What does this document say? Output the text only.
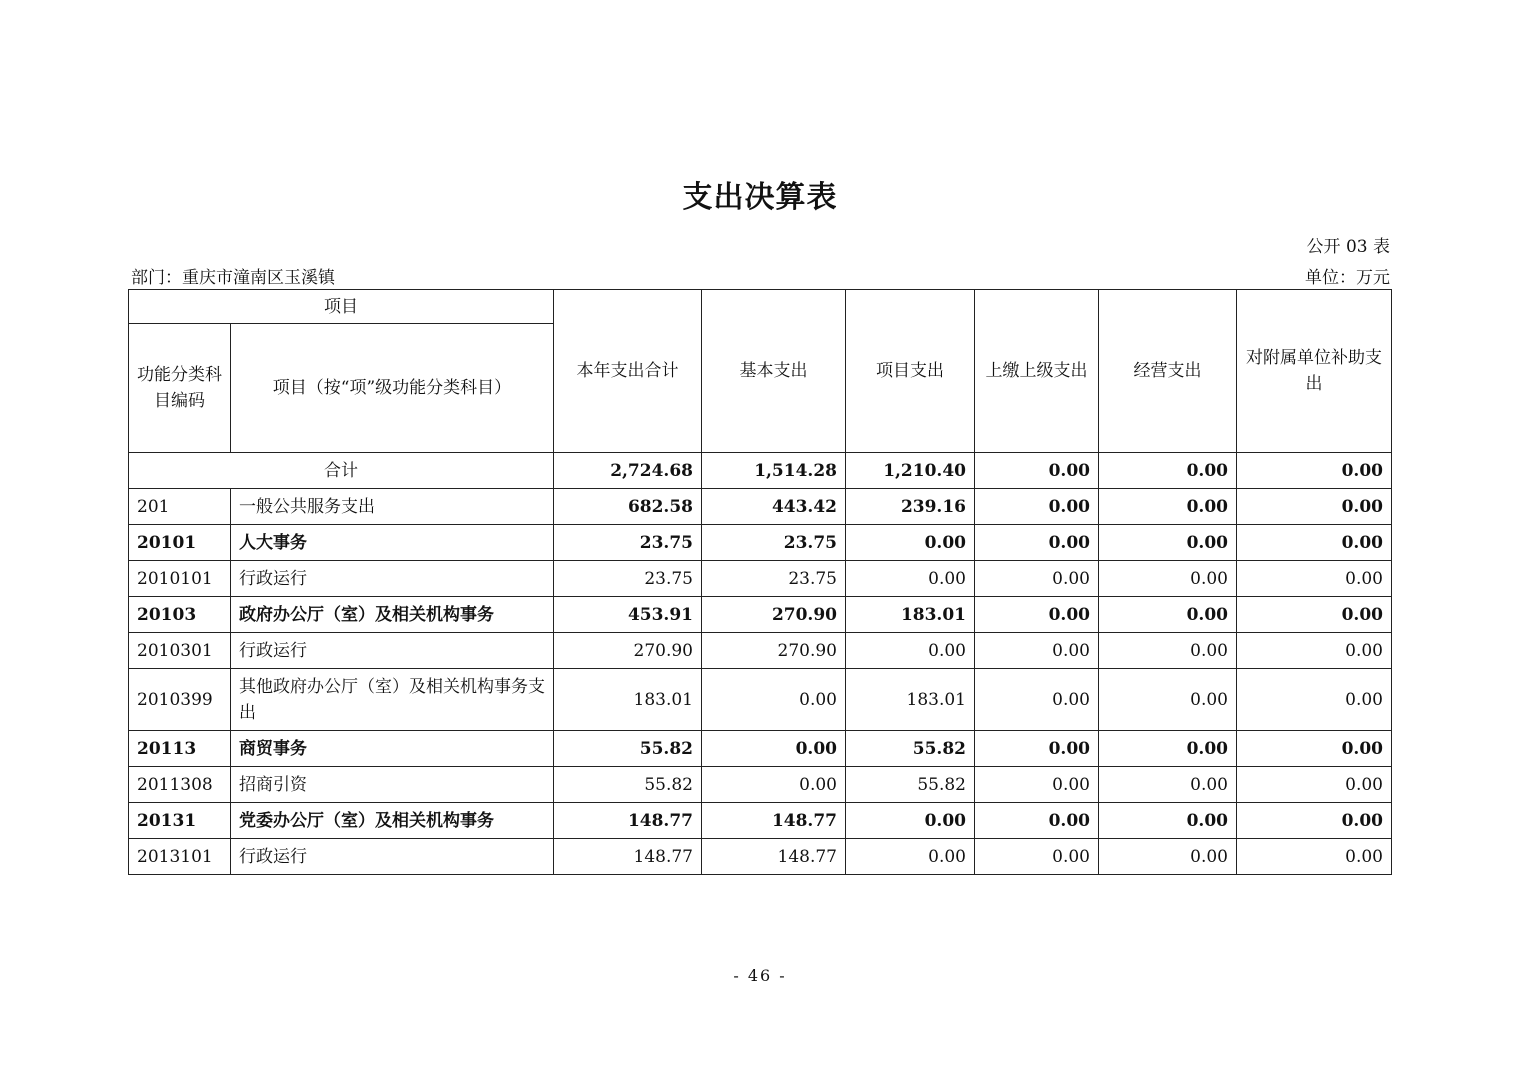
支出决算表
公开 03 表
部门：重庆市潼南区玉溪镇	单位：万元
项目		本年支出合计	基本支出	项目支出	上缴上级支出	经营支出	对附属单位补助支出
功能分类科目编码	项目（按“项”级功能分类科目）						
合计		2,724.68	1,514.28	1,210.40	0.00	0.00	0.00
201	一般公共服务支出	682.58	443.42	239.16	0.00	0.00	0.00
20101	人大事务	23.75	23.75	0.00	0.00	0.00	0.00
2010101	行政运行	23.75	23.75	0.00	0.00	0.00	0.00
20103	政府办公厅（室）及相关机构事务	453.91	270.90	183.01	0.00	0.00	0.00
2010301	行政运行	270.90	270.90	0.00	0.00	0.00	0.00
2010399	其他政府办公厅（室）及相关机构事务支出	183.01	0.00	183.01	0.00	0.00	0.00
20113	商贸事务	55.82	0.00	55.82	0.00	0.00	0.00
2011308	招商引资	55.82	0.00	55.82	0.00	0.00	0.00
20131	党委办公厅（室）及相关机构事务	148.77	148.77	0.00	0.00	0.00	0.00
2013101	行政运行	148.77	148.77	0.00	0.00	0.00	0.00
- 46 -
